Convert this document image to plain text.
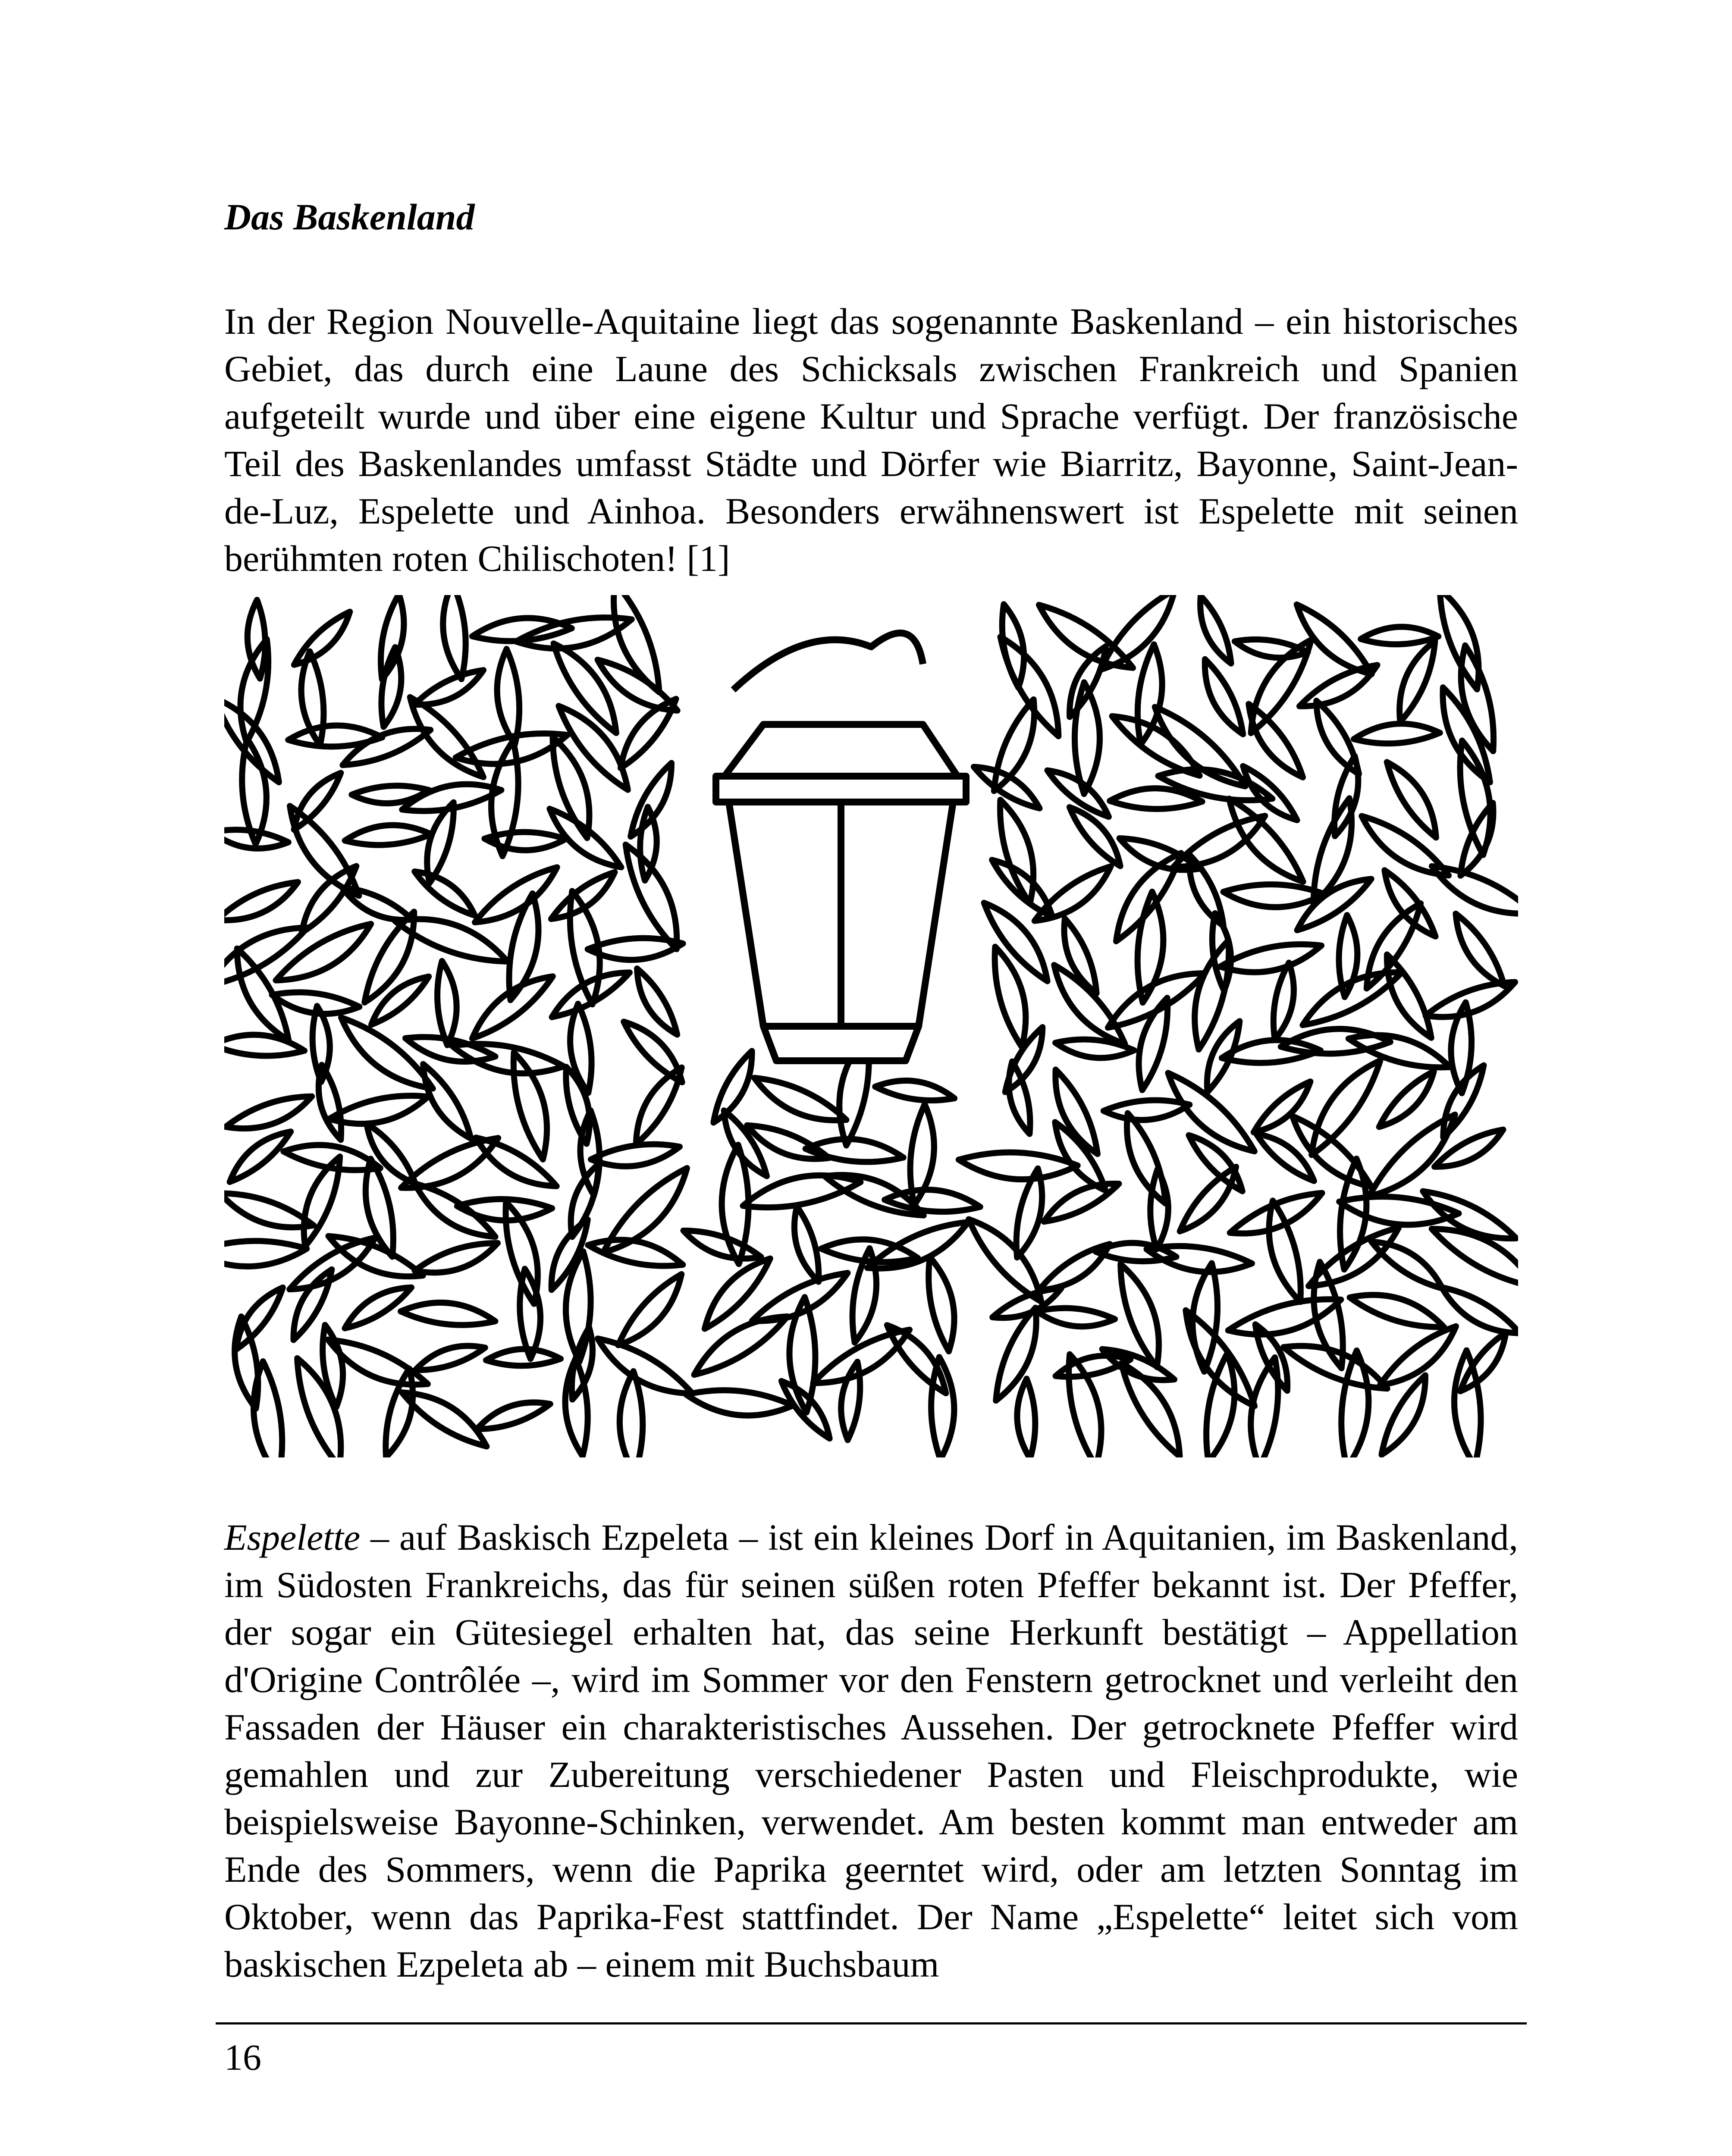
Das Baskenland

In der Region Nouvelle-Aquitaine liegt das sogenannte Baskenland – ein historisches Gebiet, das durch eine Laune des Schicksals zwischen Frankreich und Spanien aufgeteilt wurde und über eine eigene Kultur und Sprache verfügt. Der französische Teil des Baskenlandes umfasst Städte und Dörfer wie Biarritz, Bayonne, Saint-Jean-de-Luz, Espelette und Ainhoa. Besonders erwähnenswert ist Espelette mit seinen berühmten roten Chilischoten! [1]

Espelette – auf Baskisch Ezpeleta – ist ein kleines Dorf in Aquitanien, im Baskenland, im Südosten Frankreichs, das für seinen süßen roten Pfeffer bekannt ist. Der Pfeffer, der sogar ein Gütesiegel erhalten hat, das seine Herkunft bestätigt – Appellation d'Origine Contrôlée –, wird im Sommer vor den Fenstern getrocknet und verleiht den Fassaden der Häuser ein charakteristisches Aussehen. Der getrocknete Pfeffer wird gemahlen und zur Zubereitung verschiedener Pasten und Fleischprodukte, wie beispielsweise Bayonne-Schinken, verwendet. Am besten kommt man entweder am Ende des Sommers, wenn die Paprika geerntet wird, oder am letzten Sonntag im Oktober, wenn das Paprika-Fest stattfindet. Der Name „Espelette“ leitet sich vom baskischen Ezpeleta ab – einem mit Buchsbaum

16
